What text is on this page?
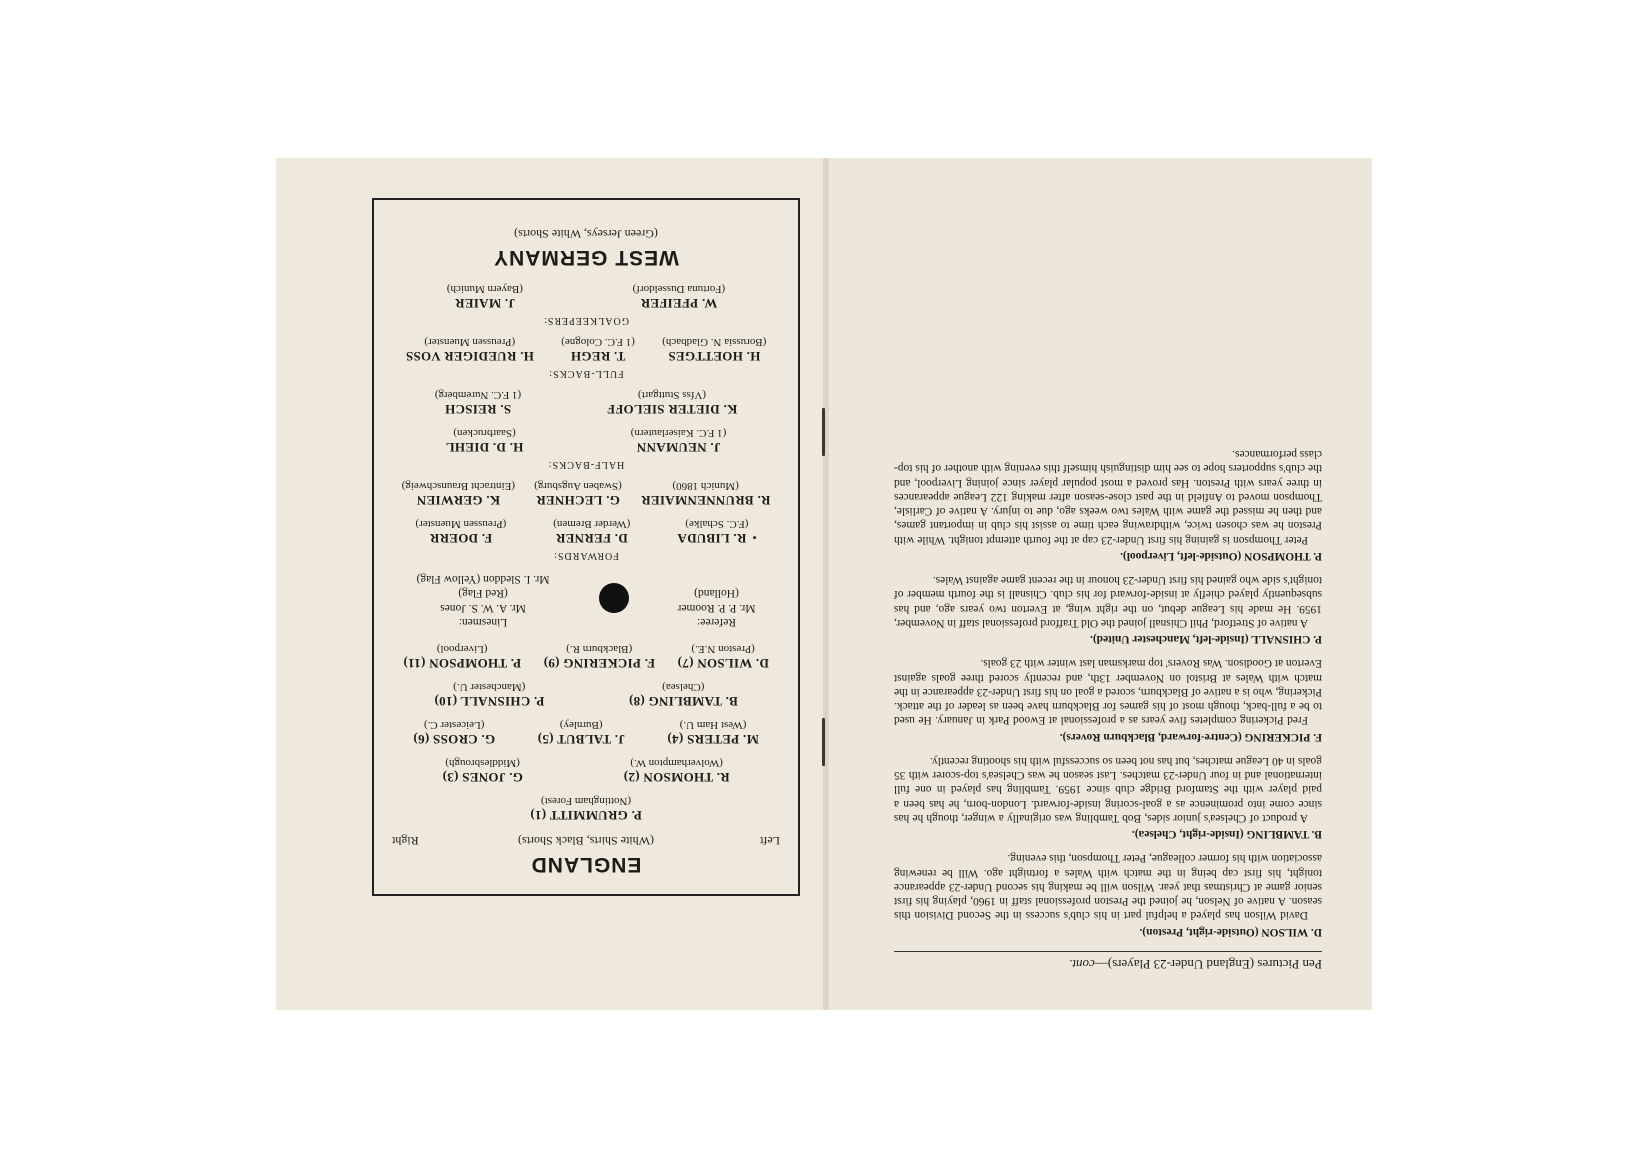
ENGLAND
Left
(White Shirts, Black Shorts)
Right
P. GRUMMITT (1)
(Nottingham Forest)
R. THOMSON (2)
(Wolverhampton W.)
G. JONES (3)
(Middlesbrough)
M. PETERS (4)
(West Ham U.)
J. TALBUT (5)
(Burnley)
G. CROSS (6)
(Leicester C.)
B. TAMBLING (8)
(Chelsea)
P. CHISNALL (10)
(Manchester U.)
D. WILSON (7)
(Preston N.E.)
F. PICKERING (9)
(Blackburn R.)
P. THOMPSON (11)
(Liverpool)
Referee:
Mr. P. P. Roomer
(Holland)
Linesmen:
Mr. A. W. S. Jones
(Red Flag)
Mr. I. Sleddon (Yellow Flag)
FORWARDS:
•R. LIBUDA
(F.C. Schalke)
D. FERNER
(Werder Bremen)
F. DOERR
(Preussen Muenster)
R. BRUNNENMAIER
(Munich 1860)
G. LECHNER
(Swaben Augsburg)
K. GERWIEN
(Eintracht Braunschweig)
HALF-BACKS:
J. NEUMANN
(1 F.C. Kaiserlautern)
H. D. DIEHL
(Saarbrucken)
K. DIETER SIELOFF
(Vfss Stuttgart)
S. REISCH
(1 F.C. Nuremberg)
FULL-BACKS:
H. HOETTGES
(Borussia N. Gladbach)
T. REGH
(1 F.C. Cologne)
H. RUEDIGER VOSS
(Preussen Muenster)
GOALKEEPERS:
W. PFEIFER
(Fortuna Dusseldorf)
J. MAIER
(Bayern Munich)
WEST GERMANY
(Green Jerseys, White Shorts)
Pen Pictures (England Under-23 Players)—cont.
D. WILSON (Outside-right, Preston).
David Wilson has played a helpful part in his club's success in the Second Division this season. A native of Nelson, he joined the Preston professional staff in 1960, playing his first senior game at Christmas that year. Wilson will be making his second Under-23 appearance tonight, his first cap being in the match with Wales a fortnight ago. Will be renewing association with his former colleague, Peter Thompson, this evening.
B. TAMBLING (Inside-right, Chelsea).
A product of Chelsea's junior sides, Bob Tambling was originally a winger, though he has since come into prominence as a goal-scoring inside-forward. London-born, he has been a paid player with the Stamford Bridge club since 1959. Tambling has played in one full international and in four Under-23 matches. Last season he was Chelsea's top-scorer with 35 goals in 40 League matches, but has not been so successful with his shooting recently.
F. PICKERING (Centre-forward, Blackburn Rovers).
Fred Pickering completes five years as a professional at Ewood Park in January. He used to be a full-back, though most of his games for Blackburn have been as leader of the attack. Pickering, who is a native of Blackburn, scored a goal on his first Under-23 appearance in the match with Wales at Bristol on November 13th, and recently scored three goals against Everton at Goodison. Was Rovers' top marksman last winter with 23 goals.
P. CHISNALL (Inside-left, Manchester United).
A native of Stretford, Phil Chisnall joined the Old Trafford professional staff in November, 1959. He made his League debut, on the right wing, at Everton two years ago, and has subsequently played chiefly at inside-forward for his club. Chisnall is the fourth member of tonight's side who gained his first Under-23 honour in the recent game against Wales.
P. THOMPSON (Outside-left, Liverpool).
Peter Thompson is gaining his first Under-23 cap at the fourth attempt tonight. While with Preston he was chosen twice, withdrawing each time to assist his club in important games, and then he missed the game with Wales two weeks ago, due to injury. A native of Carlisle, Thompson moved to Anfield in the past close-season after making 122 League appearances in three years with Preston. Has proved a most popular player since joining Liverpool, and the club's supporters hope to see him distinguish himself this evening with another of his top-class performances.
